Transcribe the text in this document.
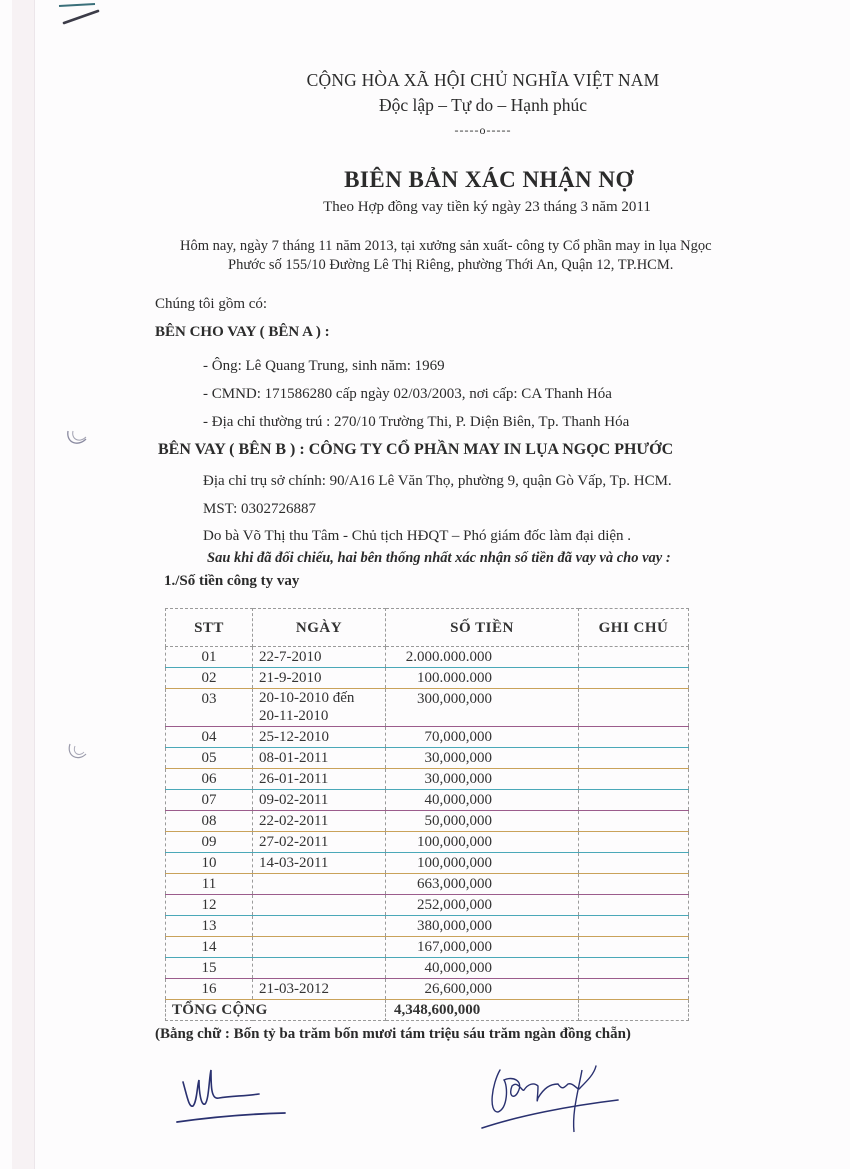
CỘNG HÒA XÃ HỘI CHỦ NGHĨA VIỆT NAM
Độc lập – Tự do – Hạnh phúc
-----o-----
BIÊN BẢN XÁC NHẬN NỢ
Theo Hợp đồng vay tiền ký ngày 23 tháng 3 năm 2011
Hôm nay, ngày 7 tháng 11 năm 2013, tại xưởng sản xuất- công ty Cổ phần may in lụa Ngọc
Phước số 155/10 Đường Lê Thị Riêng, phường Thới An, Quận 12, TP.HCM.
Chúng tôi gồm có:
BÊN CHO VAY ( BÊN A ) :
- Ông: Lê Quang Trung, sinh năm: 1969
- CMND: 171586280 cấp ngày 02/03/2003, nơi cấp: CA Thanh Hóa
- Địa chỉ thường trú : 270/10 Trường Thi, P. Diện Biên, Tp. Thanh Hóa
BÊN VAY ( BÊN B ) : CÔNG TY CỔ PHẦN MAY IN LỤA NGỌC PHƯỚC
Địa chỉ trụ sở chính: 90/A16 Lê Văn Thọ, phường 9, quận Gò Vấp, Tp. HCM.
MST: 0302726887
Do bà Võ Thị thu Tâm - Chủ tịch HĐQT – Phó giám đốc làm đại diện .
Sau khi đã đối chiếu, hai bên thống nhất xác nhận số tiền đã vay và cho vay :
1./Số tiền công ty vay
STT	NGÀY	SỐ TIỀN	GHI CHÚ
01	22-7-2010	2.000.000.000	
02	21-9-2010	100.000.000	
03	20-10-2010 đến
20-11-2010	300,000,000	
04	25-12-2010	70,000,000	
05	08-01-2011	30,000,000	
06	26-01-2011	30,000,000	
07	09-02-2011	40,000,000	
08	22-02-2011	50,000,000	
09	27-02-2011	100,000,000	
10	14-03-2011	100,000,000	
11		663,000,000	
12		252,000,000	
13		380,000,000	
14		167,000,000	
15		40,000,000	
16	21-03-2012	26,600,000	
TỔNG CỘNG		4,348,600,000	
(Bằng chữ : Bốn tỷ ba trăm bốn mươi tám triệu sáu trăm ngàn đồng chẵn)
